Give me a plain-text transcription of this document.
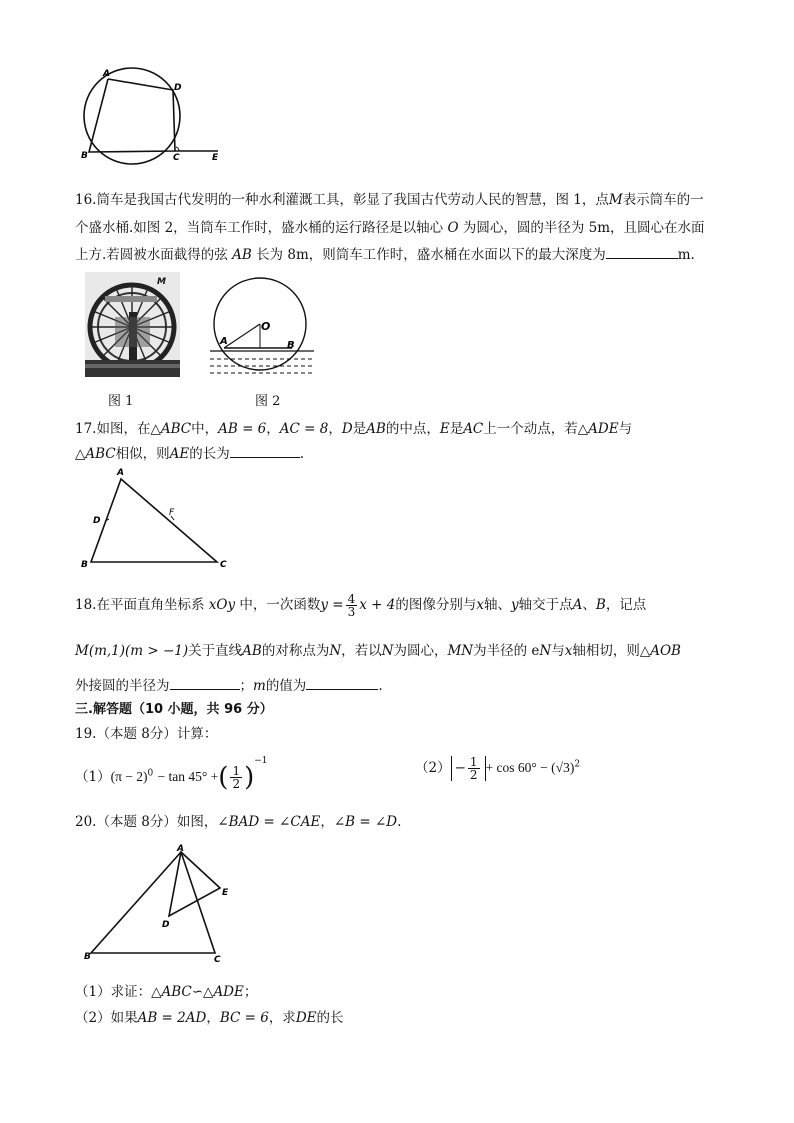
A
D
B	C	E
16.筒车是我国古代发明的一种水利灌溉工具，彰显了我国古代劳动人民的智慧，图 1，点M表示筒车的一
个盛水桶.如图 2，当筒车工作时，盛水桶的运行路径是以轴心 O 为圆心，圆的半径为 5m，且圆心在水面
上方.若圆被水面截得的弦 AB 长为 8m，则筒车工作时，盛水桶在水面以下的最大深度为	m.
M
O
A	B
图 1	图 2
17.如图，在△ABC中，AB = 6，AC = 8，D是AB的中点，E是AC上一个动点，若△ADE与
△ABC相似，则AE的长为	.
A
D
F
B	C
18.在平面直角坐标系 xOy 中，一次函数$y = \frac{4}{3}$ x + 4的图像分别与x轴、y轴交于点A、B，记点
M(m,1)(m > −1)关于直线AB的对称点为N，若以N为圆心，MN为半径的 eN与x轴相切，则△AOB
外接圆的半径为	；m的值为	.
三.解答题（10 小题，共 96 分）
19.（本题 8分）计算：
$(1)(\pi - 2)^0 - \tan 45^\circ$ +( $\frac{1}{2} )^{-1}$	$(2) - \frac{1}{2} + \cos 60^\circ - (√3)^2$
20.（本题 8分）如图，∠BAD = ∠CAE，∠B = ∠D.
A
E
D
B	C
（1）求证：△ABC∽△ADE；
（2）如果AB = 2AD，BC = 6，求DE的长
